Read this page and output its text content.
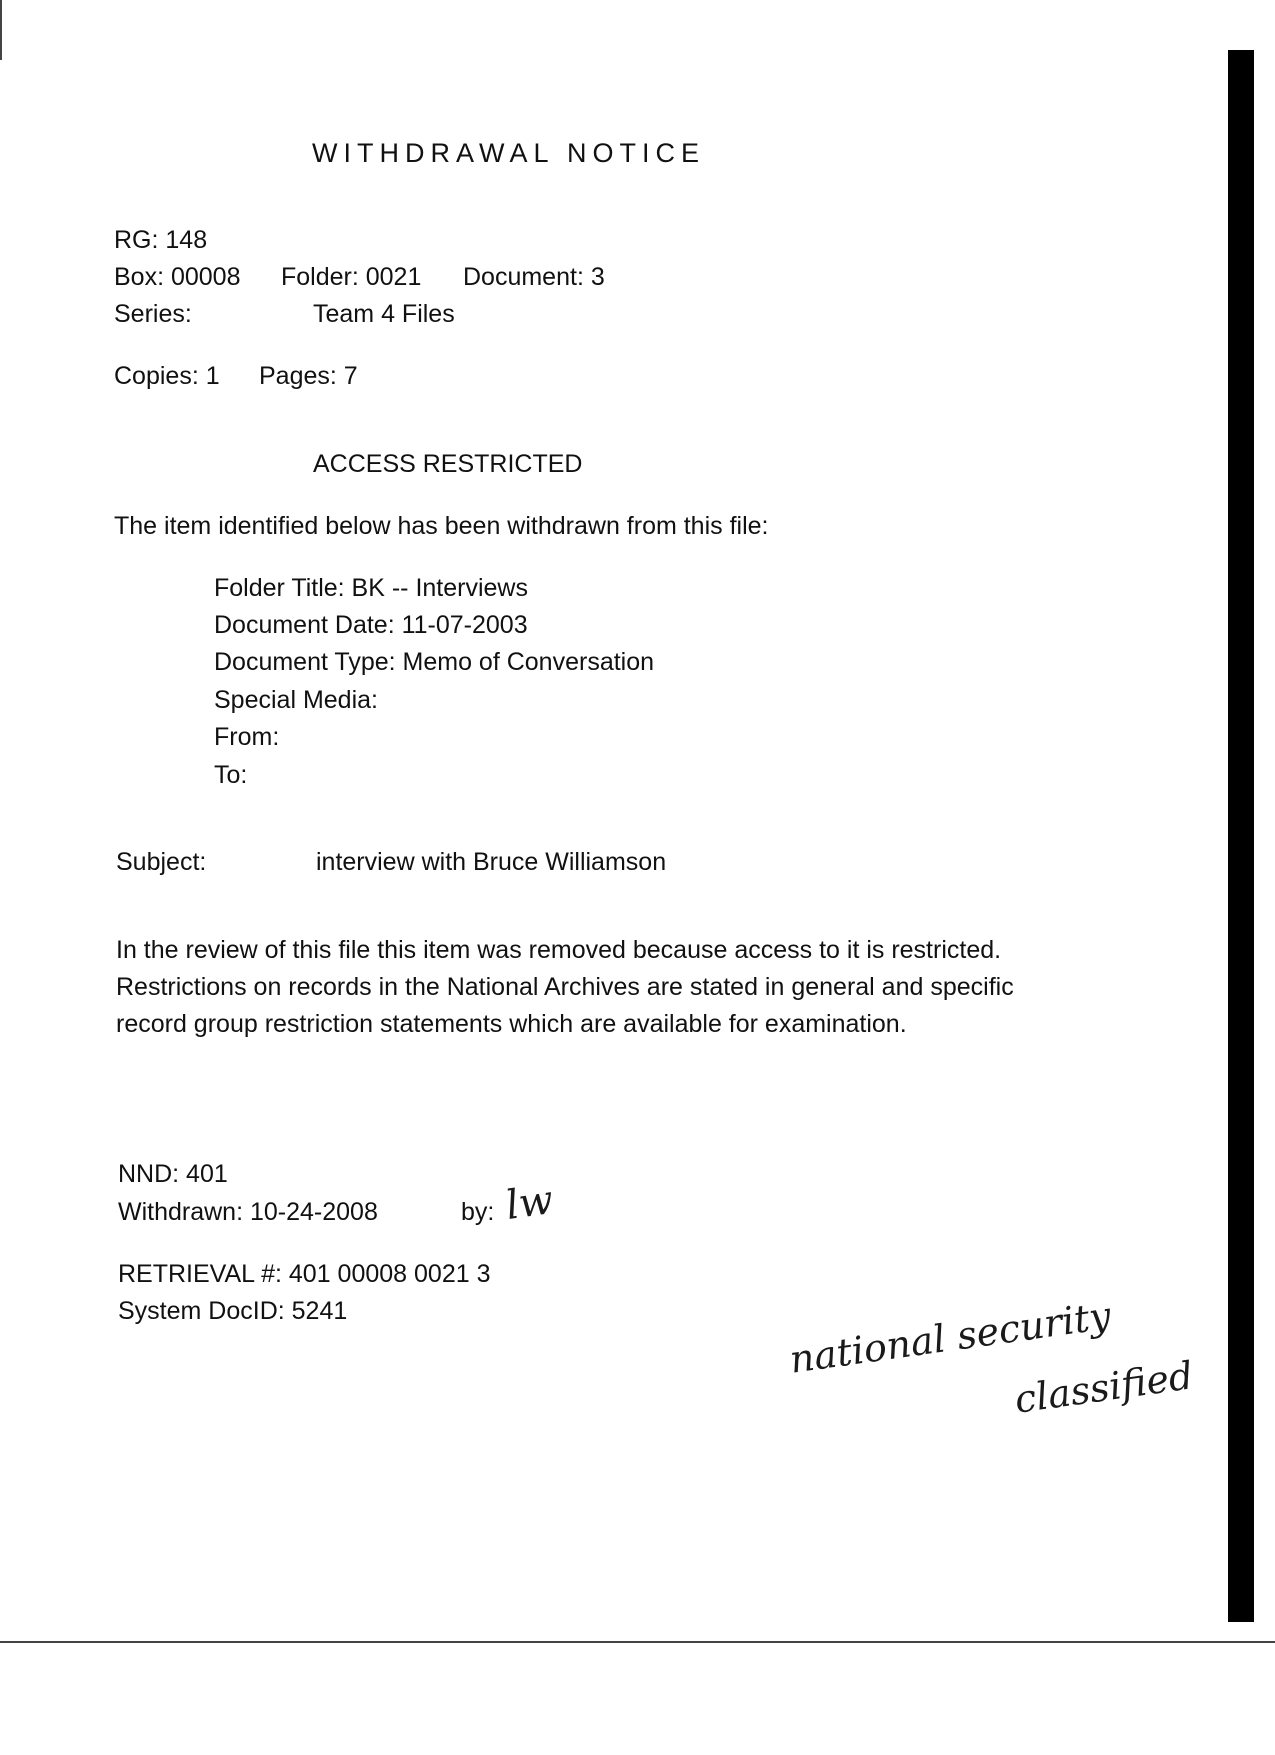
WITHDRAWAL NOTICE
RG: 148
Box: 00008 Folder: 0021 Document: 3
Series:	Team 4 Files
Copies: 1 Pages: 7
ACCESS RESTRICTED
The item identified below has been withdrawn from this file:
Folder Title: BK -- Interviews
Document Date: 11-07-2003
Document Type: Memo of Conversation
Special Media:
From:
To:
Subject:	interview with Bruce Williamson
In the review of this file this item was removed because access to it is restricted. Restrictions on records in the National Archives are stated in general and specific record group restriction statements which are available for examination.
NND: 401
Withdrawn: 10-24-2008	by: lw
RETRIEVAL #: 401 00008 0021 3
System DocID: 5241	national security
classified
